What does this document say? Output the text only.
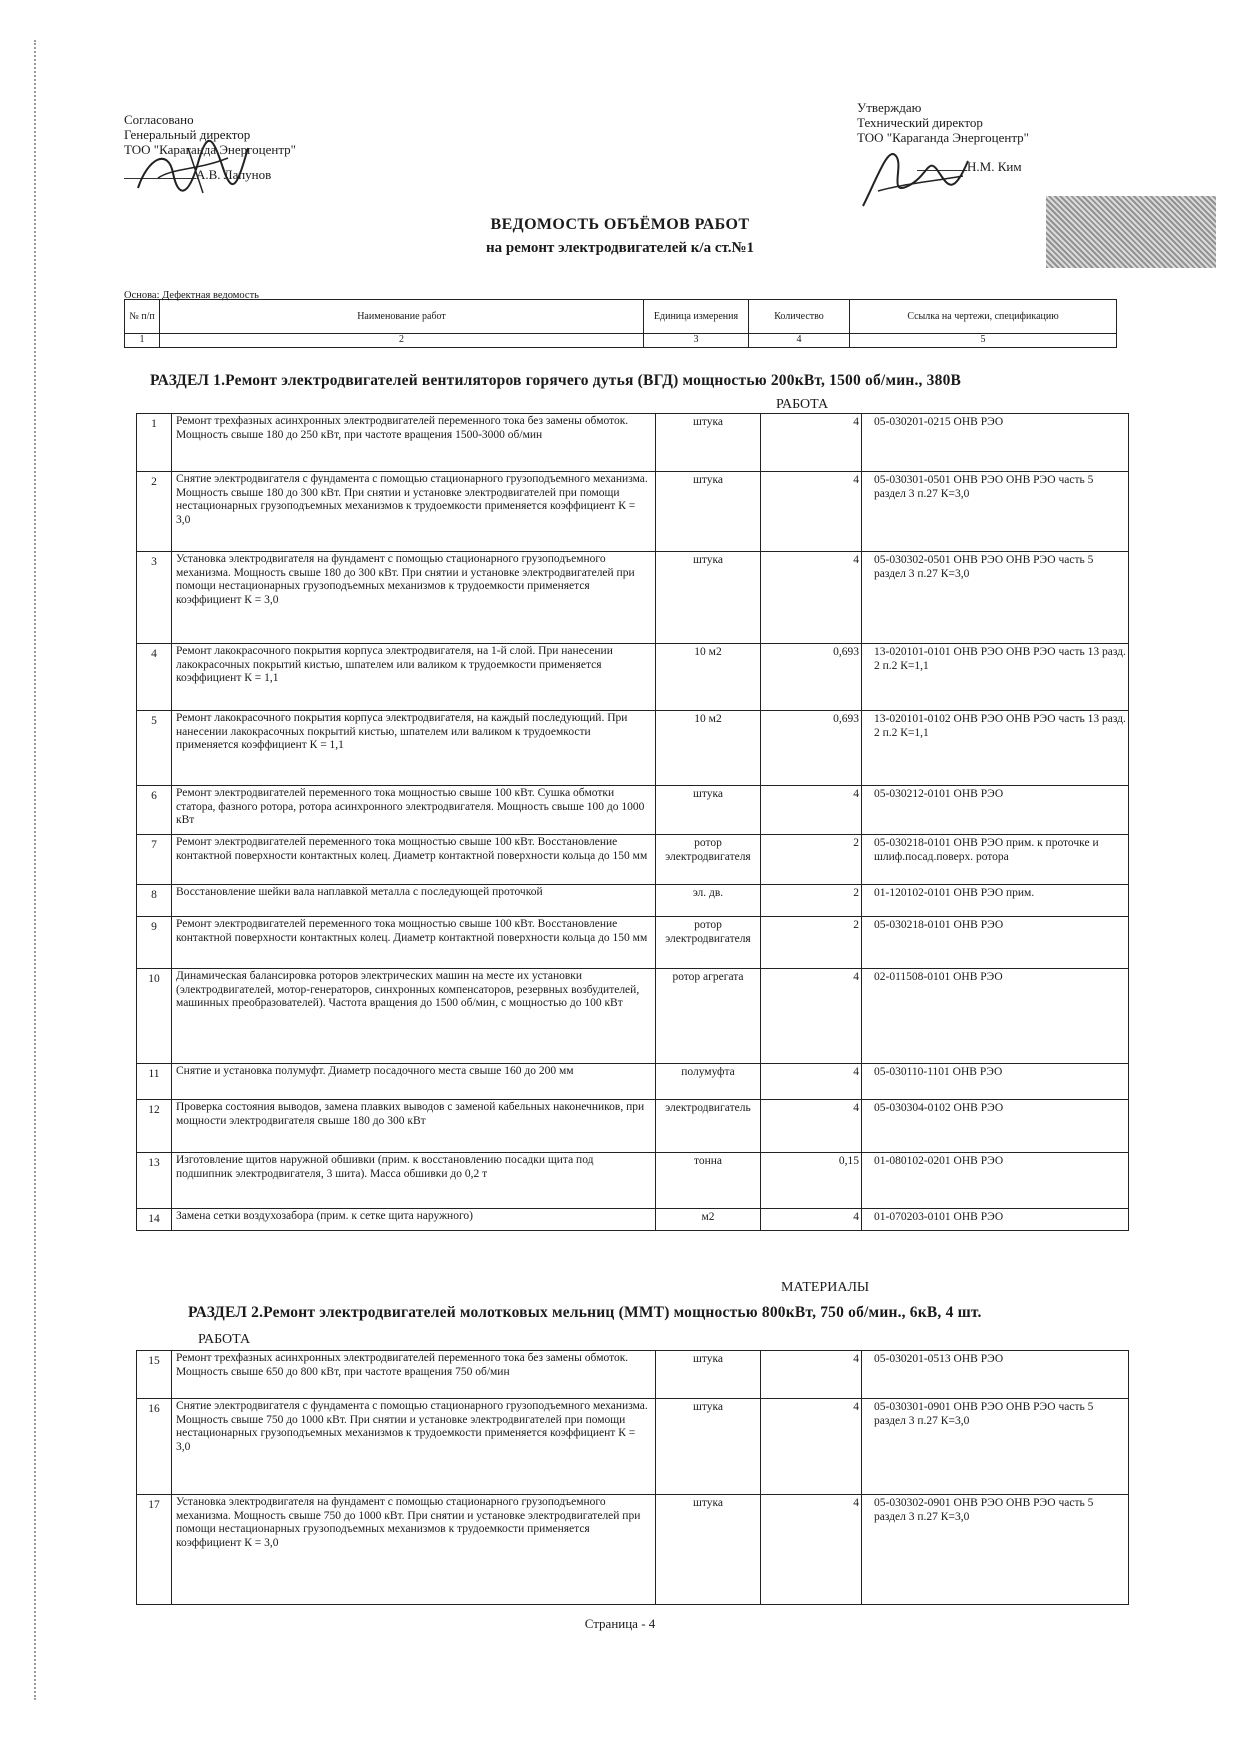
Согласовано
Генеральный директор
ТОО "Караганда Энергоцентр"
А.В. Лапунов
Утверждаю
Технический директор
ТОО "Караганда Энергоцентр"
Н.М. Ким
ВЕДОМОСТЬ ОБЪЁМОВ РАБОТ
на ремонт электродвигателей к/а ст.№1
Основа: Дефектная ведомость
№ п/п	Наименование работ	Единица измерения	Количество	Ссылка на чертежи, спецификацию
1	2	3	4	5
РАЗДЕЛ 1.Ремонт электродвигателей вентиляторов горячего дутья (ВГД) мощностью 200кВт, 1500 об/мин., 380В
РАБОТА
1	Ремонт трехфазных асинхронных электродвигателей переменного тока без замены обмоток. Мощность свыше 180 до 250 кВт, при частоте вращения 1500-3000 об/мин	штука	4	05-030201-0215 ОНВ РЭО
2	Снятие электродвигателя с фундамента с помощью стационарного грузоподъемного механизма. Мощность свыше 180 до 300 кВт. При снятии и установке электродвигателей при помощи нестационарных грузоподъемных механизмов к трудоемкости применяется коэффициент К = 3,0	штука	4	05-030301-0501 ОНВ РЭО ОНВ РЭО часть 5 раздел 3 п.27 К=3,0
3	Установка электродвигателя на фундамент с помощью стационарного грузоподъемного механизма. Мощность свыше 180 до 300 кВт. При снятии и установке электродвигателей при помощи нестационарных грузоподъемных механизмов к трудоемкости применяется коэффициент К = 3,0	штука	4	05-030302-0501 ОНВ РЭО ОНВ РЭО часть 5 раздел 3 п.27 К=3,0
4	Ремонт лакокрасочного покрытия корпуса электродвигателя, на 1-й слой. При нанесении лакокрасочных покрытий кистью, шпателем или валиком к трудоемкости применяется коэффициент К = 1,1	10 м2	0,693	13-020101-0101 ОНВ РЭО ОНВ РЭО часть 13 разд. 2 п.2 К=1,1
5	Ремонт лакокрасочного покрытия корпуса электродвигателя, на каждый последующий. При нанесении лакокрасочных покрытий кистью, шпателем или валиком к трудоемкости применяется коэффициент К = 1,1	10 м2	0,693	13-020101-0102 ОНВ РЭО ОНВ РЭО часть 13 разд. 2 п.2 К=1,1
6	Ремонт электродвигателей переменного тока мощностью свыше 100 кВт. Сушка обмотки статора, фазного ротора, ротора асинхронного электродвигателя. Мощность свыше 100 до 1000 кВт	штука	4	05-030212-0101 ОНВ РЭО
7	Ремонт электродвигателей переменного тока мощностью свыше 100 кВт. Восстановление контактной поверхности контактных колец. Диаметр контактной поверхности кольца до 150 мм	ротор электродвигателя	2	05-030218-0101 ОНВ РЭО прим. к проточке и шлиф.посад.поверх. ротора
8	Восстановление шейки вала наплавкой металла с последующей проточкой	эл. дв.	2	01-120102-0101 ОНВ РЭО прим.
9	Ремонт электродвигателей переменного тока мощностью свыше 100 кВт. Восстановление контактной поверхности контактных колец. Диаметр контактной поверхности кольца до 150 мм	ротор электродвигателя	2	05-030218-0101 ОНВ РЭО
10	Динамическая балансировка роторов электрических машин на месте их установки (электродвигателей, мотор-генераторов, синхронных компенсаторов, резервных возбудителей, машинных преобразователей). Частота вращения до 1500 об/мин, с мощностью до 100 кВт	ротор агрегата	4	02-011508-0101 ОНВ РЭО
11	Снятие и установка полумуфт. Диаметр посадочного места свыше 160 до 200 мм	полумуфта	4	05-030110-1101 ОНВ РЭО
12	Проверка состояния выводов, замена плавких выводов с заменой кабельных наконечников, при мощности электродвигателя свыше 180 до 300 кВт	электродвигатель	4	05-030304-0102 ОНВ РЭО
13	Изготовление щитов наружной обшивки (прим. к восстановлению посадки щита под подшипник электродвигателя, 3 шита). Масса обшивки до 0,2 т	тонна	0,15	01-080102-0201 ОНВ РЭО
14	Замена сетки воздухозабора (прим. к сетке щита наружного)	м2	4	01-070203-0101 ОНВ РЭО
МАТЕРИАЛЫ
РАЗДЕЛ 2.Ремонт электродвигателей молотковых мельниц (ММТ) мощностью 800кВт, 750 об/мин., 6кВ, 4 шт.
РАБОТА
15	Ремонт трехфазных асинхронных электродвигателей переменного тока без замены обмоток. Мощность свыше 650 до 800 кВт, при частоте вращения 750 об/мин	штука	4	05-030201-0513 ОНВ РЭО
16	Снятие электродвигателя с фундамента с помощью стационарного грузоподъемного механизма. Мощность свыше 750 до 1000 кВт. При снятии и установке электродвигателей при помощи нестационарных грузоподъемных механизмов к трудоемкости применяется коэффициент К = 3,0	штука	4	05-030301-0901 ОНВ РЭО ОНВ РЭО часть 5 раздел 3 п.27 К=3,0
17	Установка электродвигателя на фундамент с помощью стационарного грузоподъемного механизма. Мощность свыше 750 до 1000 кВт. При снятии и установке электродвигателей при помощи нестационарных грузоподъемных механизмов к трудоемкости применяется коэффициент К = 3,0	штука	4	05-030302-0901 ОНВ РЭО ОНВ РЭО часть 5 раздел 3 п.27 К=3,0
Страница - 4
